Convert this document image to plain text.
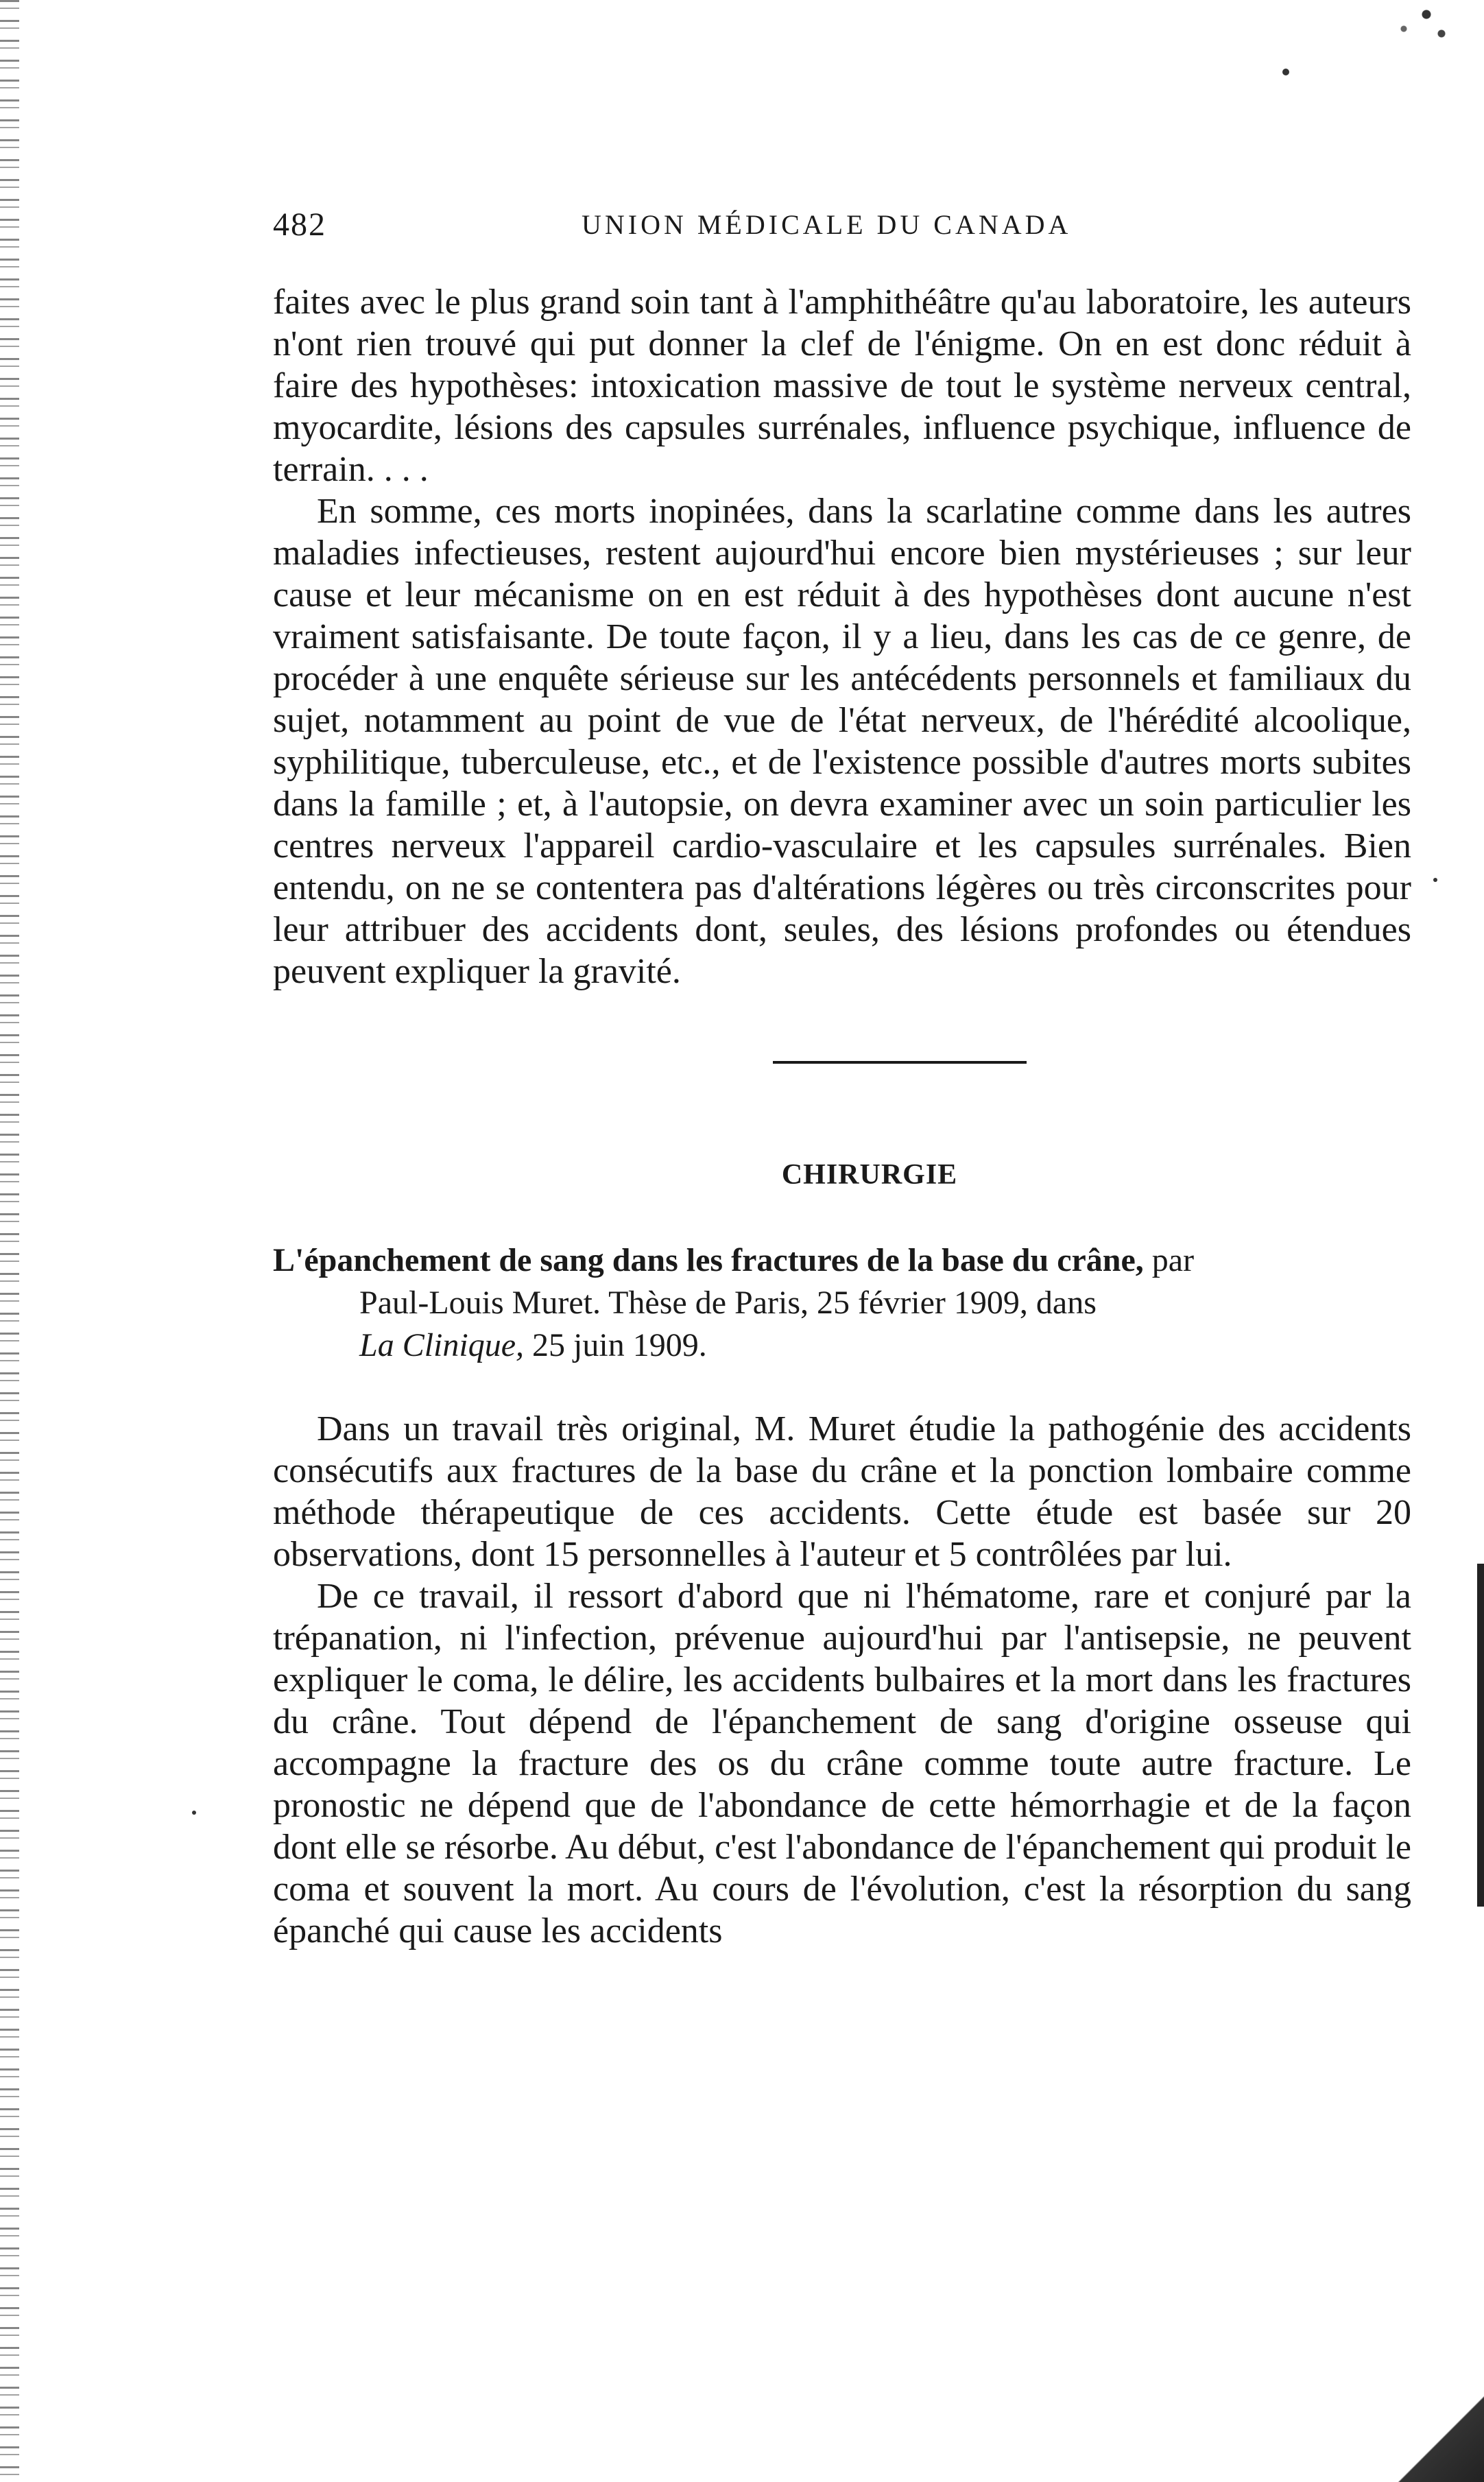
482	UNION MÉDICALE DU CANADA

faites avec le plus grand soin tant à l'amphithéâtre qu'au laboratoire, les auteurs n'ont rien trouvé qui put donner la clef de l'énigme. On en est donc réduit à faire des hypothèses: intoxication massive de tout le système nerveux central, myocardite, lésions des capsules surrénales, influence psychique, influence de terrain. . . .

En somme, ces morts inopinées, dans la scarlatine comme dans les autres maladies infectieuses, restent aujourd'hui encore bien mystérieuses ; sur leur cause et leur mécanisme on en est réduit à des hypothèses dont aucune n'est vraiment satisfaisante. De toute façon, il y a lieu, dans les cas de ce genre, de procéder à une enquête sérieuse sur les antécédents personnels et familiaux du sujet, notamment au point de vue de l'état nerveux, de l'hérédité alcoolique, syphilitique, tuberculeuse, etc., et de l'existence possible d'autres morts subites dans la famille ; et, à l'autopsie, on devra examiner avec un soin particulier les centres nerveux l'appareil cardio-vasculaire et les capsules surrénales. Bien entendu, on ne se contentera pas d'altérations légères ou très circonscrites pour leur attribuer des accidents dont, seules, des lésions profondes ou étendues peuvent expliquer la gravité.

CHIRURGIE
L'épanchement de sang dans les fractures de la base du crâne, par
Paul-Louis Muret. Thèse de Paris, 25 février 1909, dans
La Clinique, 25 juin 1909.

Dans un travail très original, M. Muret étudie la pathogénie des accidents consécutifs aux fractures de la base du crâne et la ponction lombaire comme méthode thérapeutique de ces accidents. Cette étude est basée sur 20 observations, dont 15 personnelles à l'auteur et 5 contrôlées par lui.

De ce travail, il ressort d'abord que ni l'hématome, rare et conjuré par la trépanation, ni l'infection, prévenue aujourd'hui par l'antisepsie, ne peuvent expliquer le coma, le délire, les accidents bulbaires et la mort dans les fractures du crâne. Tout dépend de l'épanchement de sang d'origine osseuse qui accompagne la fracture des os du crâne comme toute autre fracture. Le pronostic ne dépend que de l'abondance de cette hémorrhagie et de la façon dont elle se résorbe. Au début, c'est l'abondance de l'épanchement qui produit le coma et souvent la mort. Au cours de l'évolution, c'est la résorption du sang épanché qui cause les accidents
